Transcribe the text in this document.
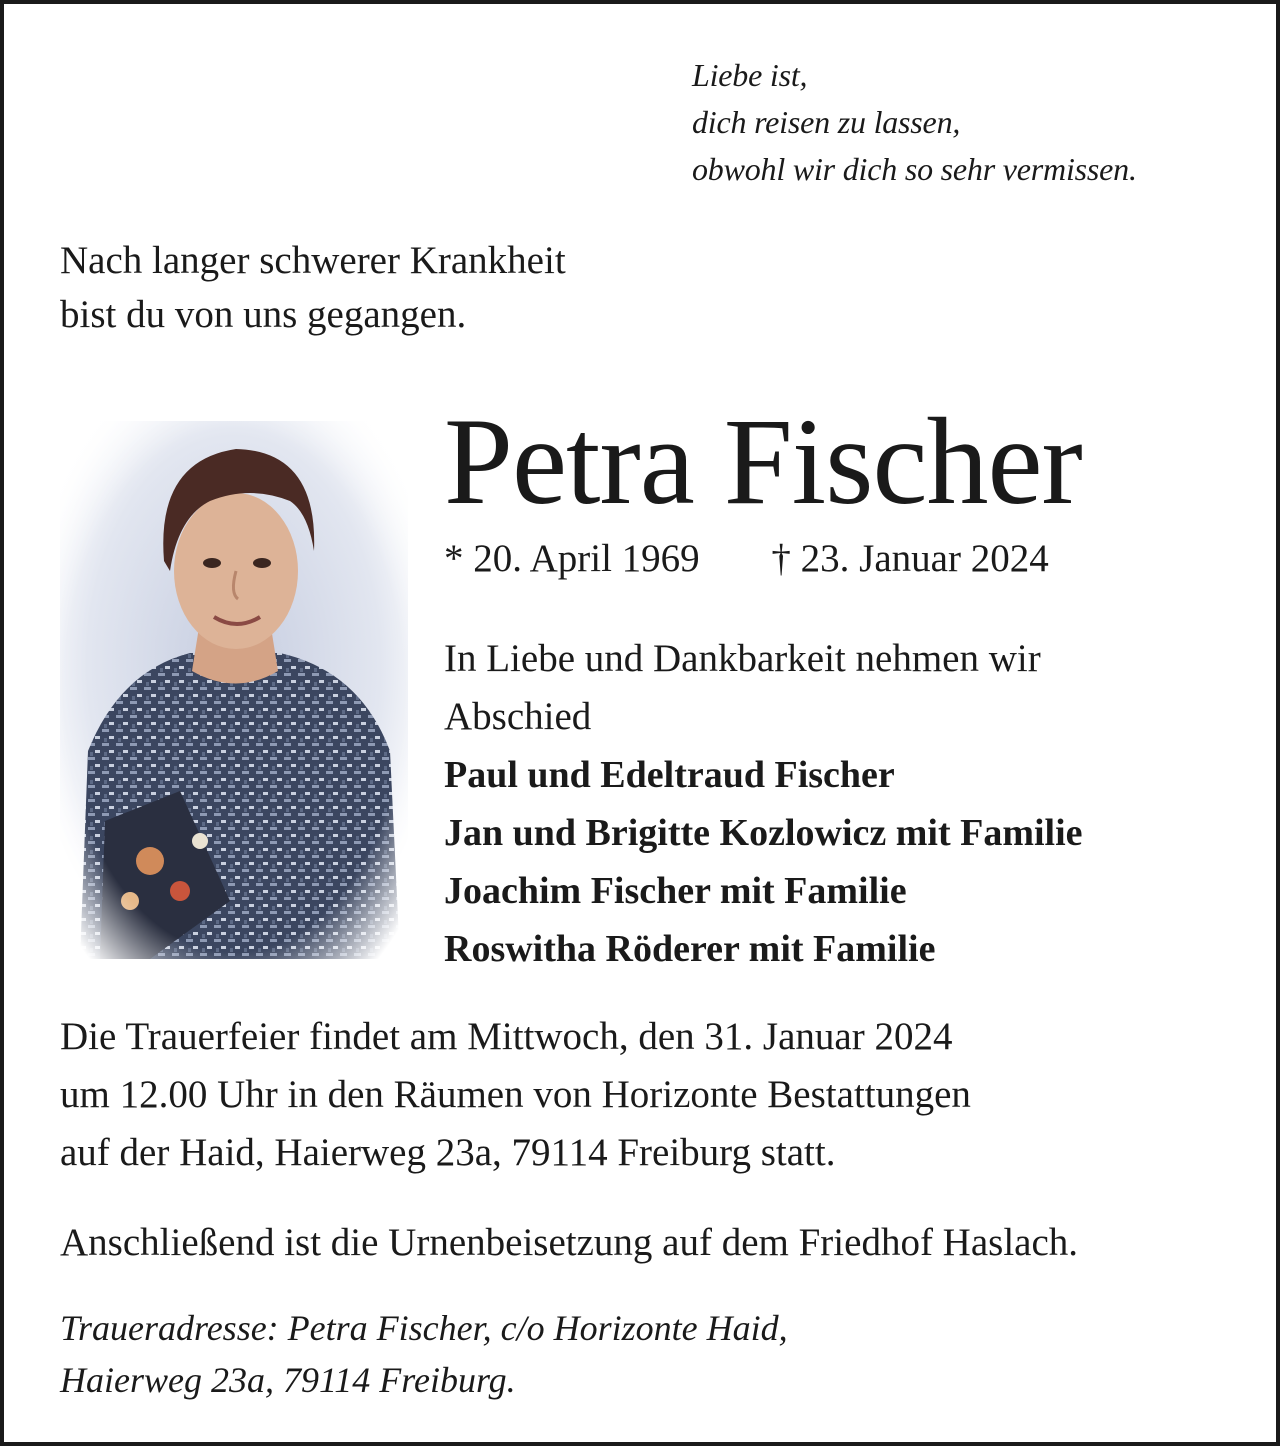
Liebe ist,
dich reisen zu lassen,
obwohl wir dich so sehr vermissen.
Nach langer schwerer Krankheit
bist du von uns gegangen.
Petra Fischer
* 20. April 1969 † 23. Januar 2024
In Liebe und Dankbarkeit nehmen wir
Abschied
Paul und Edeltraud Fischer
Jan und Brigitte Kozlowicz mit Familie
Joachim Fischer mit Familie
Roswitha Röderer mit Familie
Die Trauerfeier findet am Mittwoch, den 31. Januar 2024
um 12.00 Uhr in den Räumen von Horizonte Bestattungen
auf der Haid, Haierweg 23a, 79114 Freiburg statt.
Anschließend ist die Urnenbeisetzung auf dem Friedhof Haslach.
Traueradresse: Petra Fischer, c/o Horizonte Haid,
Haierweg 23a, 79114 Freiburg.
